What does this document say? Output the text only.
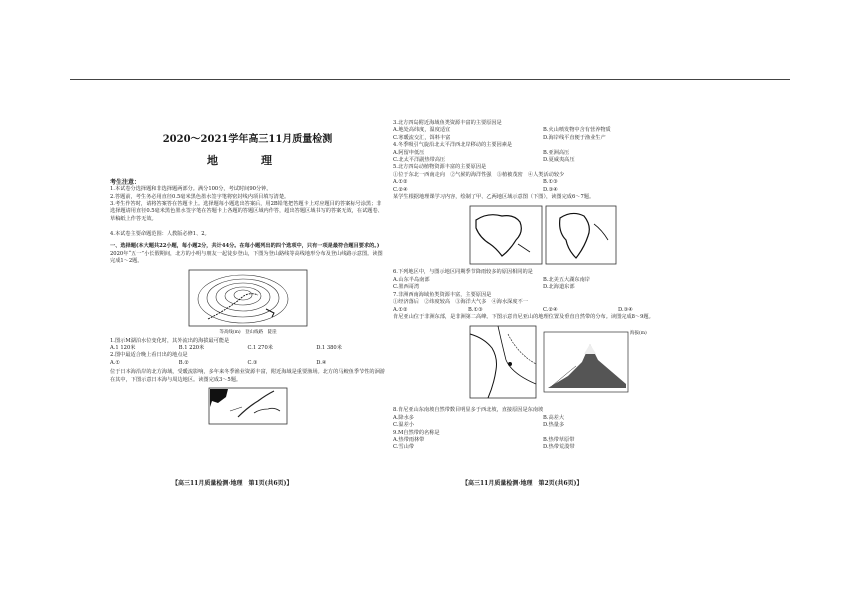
2020～2021学年高三11月质量检测
地　理
考生注意：
1.本试卷分选择题和非选择题两部分。满分100分，考试时间90分钟。
2.答题前，考生务必用直径0.5毫米黑色墨水签字笔将密封线内项目填写清楚。
3.考生作答时，请将答案答在答题卡上。选择题每小题选出答案后，用2B铅笔把答题卡上对应题目的答案标号涂黑；非选择题请用直径0.5毫米黑色墨水签字笔在答题卡上各题的答题区域内作答，超出答题区域书写的答案无效，在试题卷、草稿纸上作答无效。
4.本试卷主要命题范围：人教版必修1、2。
一、选择题(本大题共22小题，每小题2分，共计44分。在每小题列出的四个选项中，只有一项是最符合题目要求的。)
2020年“五一”小长假期间，北方的小明与朋友一起徒步登山，下图为登山路线等高线地形分布及登山线路示意图。读图完成1～2题。
等高线(m)　登山线路　陡崖
1.图示M湖泊水位变化时，其外流出的海拔最可能是
A.1 120米	B.1 220米	C.1 270米	D.1 380米
2.图中最适合晚上看日出的地点是
A.①	B.②	C.③	D.④
位于日本海沿岸的北方海域，受暖流影响，多年来冬季渔业资源丰富，附近海域是重要渔场。北方的马鲛鱼季节性的洄游在其中，下图示意日本海与周边地区。读图完成3～5题。
3.北方四岛附近海域鱼类资源丰富的主要原因是
A.地处高纬度，温度适宜	B.火山喷发物中含有营养物质
C.寒暖流交汇，饵料丰富	D.海岸线平直便于渔业生产
4.冬季吸引气旋沿北太平洋西北岸移动的主要因素是
A.阿留申低压	B.亚洲高压
C.北太平洋副热带高压	D.夏威夷高压
5.北方四岛动植物资源丰富的主要原因是
①位于东北一西南走向　②气候的海洋性强　③植被茂密　④人类活动较少
A.①②	B.①③
C.②④	D.③④
某学生根据地理课学习内容，绘制了甲、乙两地区域示意图（下图），读图完成6～7题。
6.下列地区中，与图示地区同期季节降雨较多的原因相同的是
A.山东半岛南部	B.北美五大湖东南岸
C.墨西哥湾	D.北海道东部
7.非洲西南海域鱼类资源丰富，主要原因是
①经济落后　②纬度较高　③海洋大气多　④海水深度不一
A.①②	B.①③	C.②④	D.③④
肯尼亚山位于非洲东部，是非洲第二高峰。下图示意肯尼亚山的地理位置及垂直自然带的分布。读图完成8～9题。
海拔(m)
8.肯尼亚山东南坡自然带数目明显多于西北坡，直接原因是东南坡
A.降水多	B.高差大
C.温差小	D.热量多
9.M自然带的名称是
A.热带雨林带	B.热带草原带
C.雪山带	D.热带荒漠带
【高三11月质量检测·地理　第1页(共6页)】	【高三11月质量检测·地理　第2页(共6页)】
